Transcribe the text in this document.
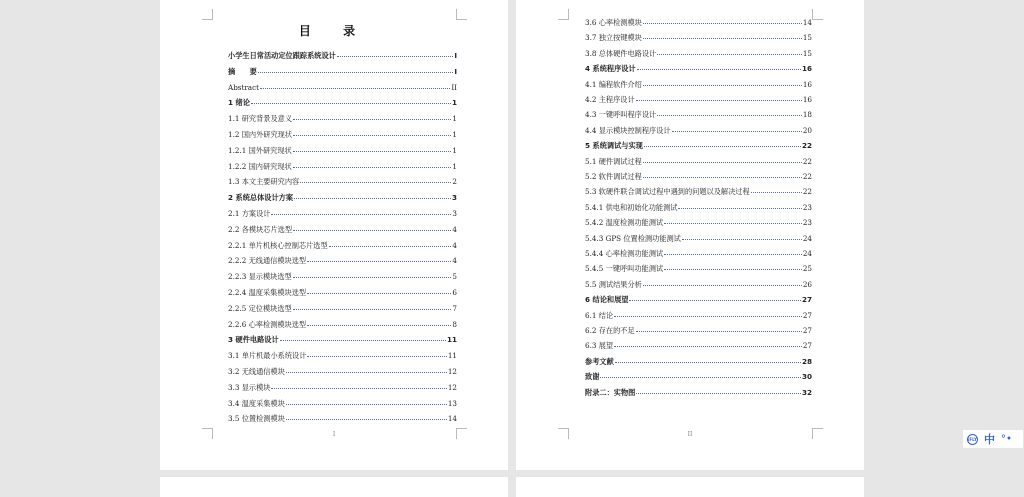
目 录
小学生日常活动定位跟踪系统设计	I
摘　　要	I
Abstract	II
1 绪论	1
1.1 研究背景及意义	1
1.2 国内外研究现状	1
1.2.1 国外研究现状	1
1.2.2 国内研究现状	1
1.3 本文主要研究内容	2
2 系统总体设计方案	3
2.1 方案设计	3
2.2 各模块芯片选型	4
2.2.1 单片机核心控制芯片选型	4
2.2.2 无线通信模块选型	4
2.2.3 显示模块选型	5
2.2.4 温度采集模块选型	6
2.2.5 定位模块选型	7
2.2.6 心率检测模块选型	8
3 硬件电路设计	11
3.1 单片机最小系统设计	11
3.2 无线通信模块	12
3.3 显示模块	12
3.4 温度采集模块	13
3.5 位置检测模块	14
I
3.6 心率检测模块	14
3.7 独立按键模块	15
3.8 总体硬件电路设计	15
4 系统程序设计	16
4.1 编程软件介绍	16
4.2 主程序设计	16
4.3 一键呼叫程序设计	18
4.4 显示模块控制程序设计	20
5 系统调试与实现	22
5.1 硬件调试过程	22
5.2 软件调试过程	22
5.3 软硬件联合调试过程中遇到的问题以及解决过程	22
5.4.1 供电和初始化功能测试	23
5.4.2 温度检测功能测试	23
5.4.3 GPS 位置检测功能测试	24
5.4.4 心率检测功能测试	24
5.4.5 一键呼叫功能测试	25
5.5 测试结果分析	26
6 结论和展望	27
6.1 结论	27
6.2 存在的不足	27
6.3 展望	27
参考文献	28
致谢	30
附录二：实物图	32
II
iFLY 中 °•
